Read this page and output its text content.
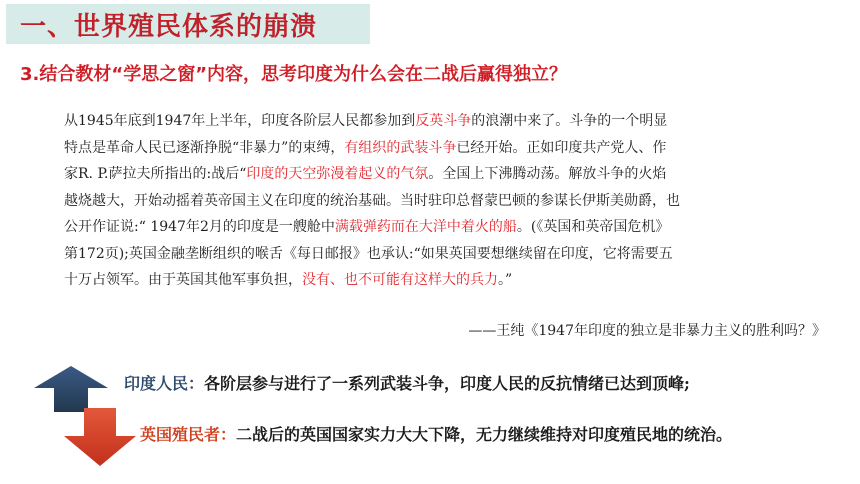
一、世界殖民体系的崩溃
3.结合教材“学思之窗”内容，思考印度为什么会在二战后赢得独立？
从1945年底到1947年上半年，印度各阶层人民都参加到反英斗争的浪潮中来了。斗争的一个明显
特点是革命人民已逐渐挣脱“非暴力”的束缚，有组织的武装斗争已经开始。正如印度共产党人、作
家R. P.萨拉夫所指出的:战后“印度的天空弥漫着起义的气氛。全国上下沸腾动荡。解放斗争的火焰
越烧越大，开始动摇着英帝国主义在印度的统治基础。当时驻印总督蒙巴顿的参谋长伊斯美勋爵，也
公开作证说:“ 1947年2月的印度是一艘舱中满载弹药而在大洋中着火的船。(《英国和英帝国危机》
第172页);英国金融垄断组织的喉舌《每日邮报》也承认:“如果英国要想继续留在印度，它将需要五
十万占领军。由于英国其他军事负担，没有、也不可能有这样大的兵力。”
——王纯《1947年印度的独立是非暴力主义的胜利吗？》
印度人民：各阶层参与进行了一系列武装斗争，印度人民的反抗情绪已达到顶峰;
英国殖民者：二战后的英国国家实力大大下降，无力继续维持对印度殖民地的统治。
